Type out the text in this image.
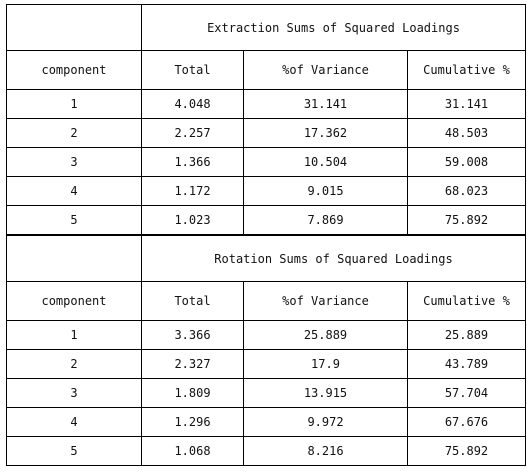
	Extraction Sums of Squared Loadings		
component	Total	%of Variance	Cumulative %
1	4.048	31.141	31.141
2	2.257	17.362	48.503
3	1.366	10.504	59.008
4	1.172	9.015	68.023
5	1.023	7.869	75.892
	Rotation Sums of Squared Loadings		
component	Total	%of Variance	Cumulative %
1	3.366	25.889	25.889
2	2.327	17.9	43.789
3	1.809	13.915	57.704
4	1.296	9.972	67.676
5	1.068	8.216	75.892
